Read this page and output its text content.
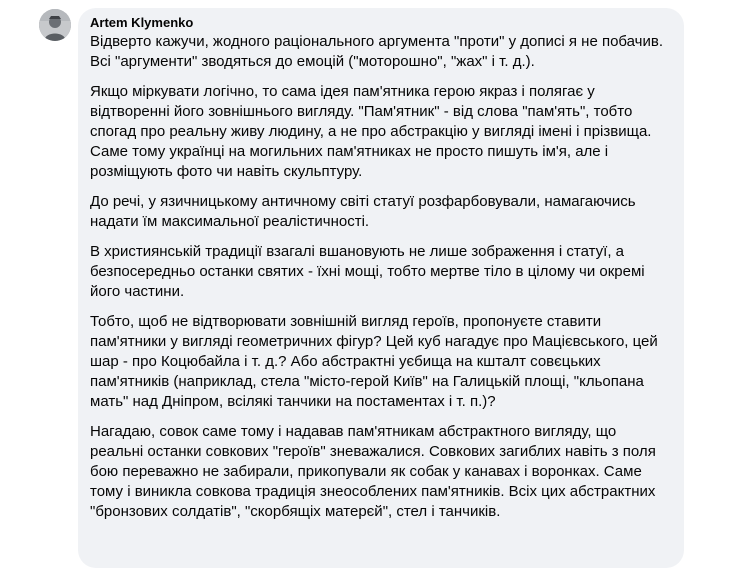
Artem Klymenko

Відверто кажучи, жодного раціонального аргумента "проти" у дописі я не побачив. Всі "аргументи" зводяться до емоцій ("моторошно", "жах" і т. д.).

Якщо міркувати логічно, то сама ідея пам'ятника герою якраз і полягає у відтворенні його зовнішнього вигляду. "Пам'ятник" - від слова "пам'ять", тобто спогад про реальну живу людину, а не про абстракцію у вигляді імені і прізвища. Саме тому українці на могильних пам'ятниках не просто пишуть ім'я, але і розміщують фото чи навіть скульптуру.

До речі, у язичницькому античному світі статуї розфарбовували, намагаючись надати їм максимальної реалістичності.

В християнській традиції взагалі вшановують не лише зображення і статуї, а безпосередньо останки святих - їхні мощі, тобто мертве тіло в цілому чи окремі його частини.

Тобто, щоб не відтворювати зовнішній вигляд героїв, пропонуєте ставити пам'ятники у вигляді геометричних фігур? Цей куб нагадує про Мацієвського, цей шар - про Коцюбайла і т. д.? Або абстрактні уєбища на кшталт совєцьких пам'ятників (наприклад, стела "місто-герой Київ" на Галицькій площі, "кльопана мать" над Дніпром, всілякі танчики на постаментах і т. п.)?

Нагадаю, совок саме тому і надавав пам'ятникам абстрактного вигляду, що реальні останки совкових "героїв" зневажалися. Совкових загиблих навіть з поля бою переважно не забирали, прикопували як собак у канавах і воронках. Саме тому і виникла совкова традиція знеособлених пам'ятників. Всіх цих абстрактних "бронзових солдатів", "скорбящіх матерєй", стел і танчиків.
